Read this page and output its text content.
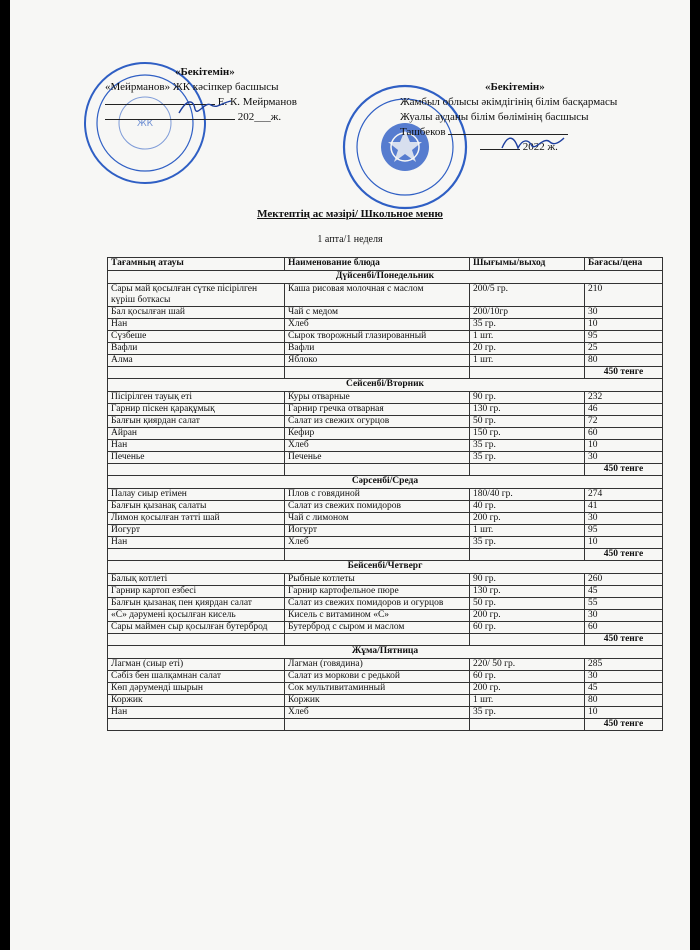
ЖК
«Бекітемін»
«Мейрманов» ЖК кәсіпкер басшысы
Е. К. Мейрманов
202___ж.
«Бекітемін»
Жамбыл облысы әкімдігінің білім басқармасы
Жуалы ауданы білім бөлімінің басшысы
Ташбеков
2022 ж.
Мектептің ас мәзірі/ Школьное меню
1 апта/1 неделя
Тағамның атауы	Наименование блюда	Шығымы/выход	Бағасы/цена
Дүйсенбі/Понедельник			
Сары май қосылған сүтке пісірілген күріш боткасы	Каша рисовая молочная с маслом	200/5 гр.	210
Бал қосылған шай	Чай с медом	200/10гр	30
Нан	Хлеб	35 гр.	10
Сүзбеше	Сырок творожный глазированный	1 шт.	95
Вафли	Вафли	20 гр.	25
Алма	Яблоко	1 шт.	80
			450 тенге
Сейсенбі/Вторник			
Пісірілген тауық еті	Куры отварные	90 гр.	232
Гарнир піскен қарақұмық	Гарнир гречка отварная	130 гр.	46
Балғын қиярдан салат	Салат из свежих огурцов	50 гр.	72
Айран	Кефир	150 гр.	60
Нан	Хлеб	35 гр.	10
Печенье	Печенье	35 гр.	30
			450 тенге
Сәрсенбі/Среда			
Палау сиыр етімен	Плов с говядиной	180/40 гр.	274
Балғын қызанақ салаты	Салат из свежих помидоров	40 гр.	41
Лимон қосылған тәтті шай	Чай с лимоном	200 гр.	30
Йогурт	Йогурт	1 шт.	95
Нан	Хлеб	35 гр.	10
			450 тенге
Бейсенбі/Четверг			
Балық котлеті	Рыбные котлеты	90 гр.	260
Гарнир картоп езбесі	Гарнир картофельное пюре	130 гр.	45
Балғын қызанақ пен қиярдан салат	Салат из свежих помидоров и огурцов	50 гр.	55
«С» дәрумені қосылған кисель	Кисель с витамином «С»	200 гр.	30
Сары маймен сыр қосылған бутерброд	Бутерброд с сыром и маслом	60 гр.	60
			450 тенге
Жұма/Пятница			
Лагман (сиыр еті)	Лагман (говядина)	220/ 50 гр.	285
Сәбіз бен шалқамнан салат	Салат из моркови с редькой	60 гр.	30
Көп дәруменді шырын	Сок мультивитаминный	200 гр.	45
Коржик	Коржик	1 шт.	80
Нан	Хлеб	35 гр.	10
			450 тенге
